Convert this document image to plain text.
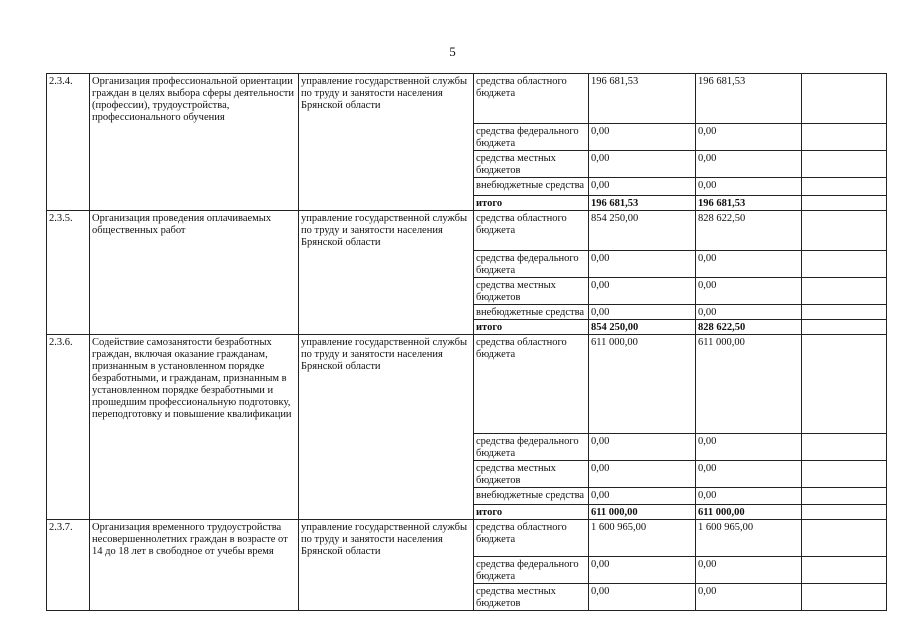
5
2.3.4.	Организация профессиональной ориентации граждан в целях выбора сферы деятельности (профессии), трудоустройства, профессионального обучения	управление государственной службы по труду и занятости населения Брянской области	средства областного бюджета	196 681,53	196 681,53	
			средства федерального бюджета	0,00	0,00	
			средства местных бюджетов	0,00	0,00	
			внебюджетные средства	0,00	0,00	
			итого	196 681,53	196 681,53	
2.3.5.	Организация проведения оплачиваемых общественных работ	управление государственной службы по труду и занятости населения Брянской области	средства областного бюджета	854 250,00	828 622,50	
			средства федерального бюджета	0,00	0,00	
			средства местных бюджетов	0,00	0,00	
			внебюджетные средства	0,00	0,00	
			итого	854 250,00	828 622,50	
2.3.6.	Содействие самозанятости безработных граждан, включая оказание гражданам, признанным в установленном порядке безработными, и гражданам, признанным в установленном порядке безработными и прошедшим профессиональную подготовку, переподготовку и повышение квалификации	управление государственной службы по труду и занятости населения Брянской области	средства областного бюджета	611 000,00	611 000,00	
			средства федерального бюджета	0,00	0,00	
			средства местных бюджетов	0,00	0,00	
			внебюджетные средства	0,00	0,00	
			итого	611 000,00	611 000,00	
2.3.7.	Организация временного трудоустройства несовершеннолетних граждан в возрасте от 14 до 18 лет в свободное от учебы время	управление государственной службы по труду и занятости населения Брянской области	средства областного бюджета	1 600 965,00	1 600 965,00	
			средства федерального бюджета	0,00	0,00	
			средства местных бюджетов	0,00	0,00	
